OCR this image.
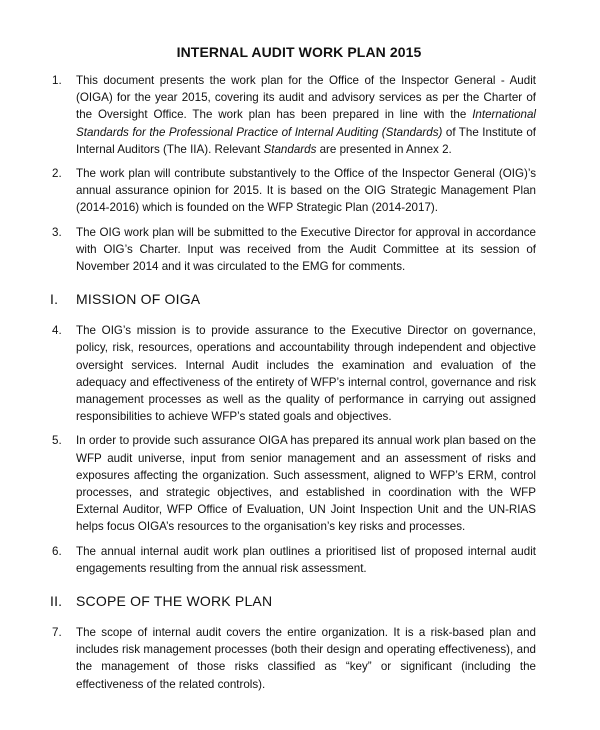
INTERNAL AUDIT WORK PLAN 2015
1.	This document presents the work plan for the Office of the Inspector General - Audit (OIGA) for the year 2015, covering its audit and advisory services as per the Charter of the Oversight Office. The work plan has been prepared in line with the International Standards for the Professional Practice of Internal Auditing (Standards) of The Institute of Internal Auditors (The IIA). Relevant Standards are presented in Annex 2.
2.	The work plan will contribute substantively to the Office of the Inspector General (OIG)’s annual assurance opinion for 2015. It is based on the OIG Strategic Management Plan (2014-2016) which is founded on the WFP Strategic Plan (2014-2017).
3.	The OIG work plan will be submitted to the Executive Director for approval in accordance with OIG’s Charter. Input was received from the Audit Committee at its session of November 2014 and it was circulated to the EMG for comments.
I.	MISSION OF OIGA
4.	The OIG’s mission is to provide assurance to the Executive Director on governance, policy, risk, resources, operations and accountability through independent and objective oversight services. Internal Audit includes the examination and evaluation of the adequacy and effectiveness of the entirety of WFP’s internal control, governance and risk management processes as well as the quality of performance in carrying out assigned responsibilities to achieve WFP’s stated goals and objectives.
5.	In order to provide such assurance OIGA has prepared its annual work plan based on the WFP audit universe, input from senior management and an assessment of risks and exposures affecting the organization. Such assessment, aligned to WFP’s ERM, control processes, and strategic objectives, and established in coordination with the WFP External Auditor, WFP Office of Evaluation, UN Joint Inspection Unit and the UN-RIAS helps focus OIGA’s resources to the organisation’s key risks and processes.
6.	The annual internal audit work plan outlines a prioritised list of proposed internal audit engagements resulting from the annual risk assessment.
II. SCOPE OF THE WORK PLAN
7.	The scope of internal audit covers the entire organization. It is a risk-based plan and includes risk management processes (both their design and operating effectiveness), and the management of those risks classified as “key” or significant (including the effectiveness of the related controls).
